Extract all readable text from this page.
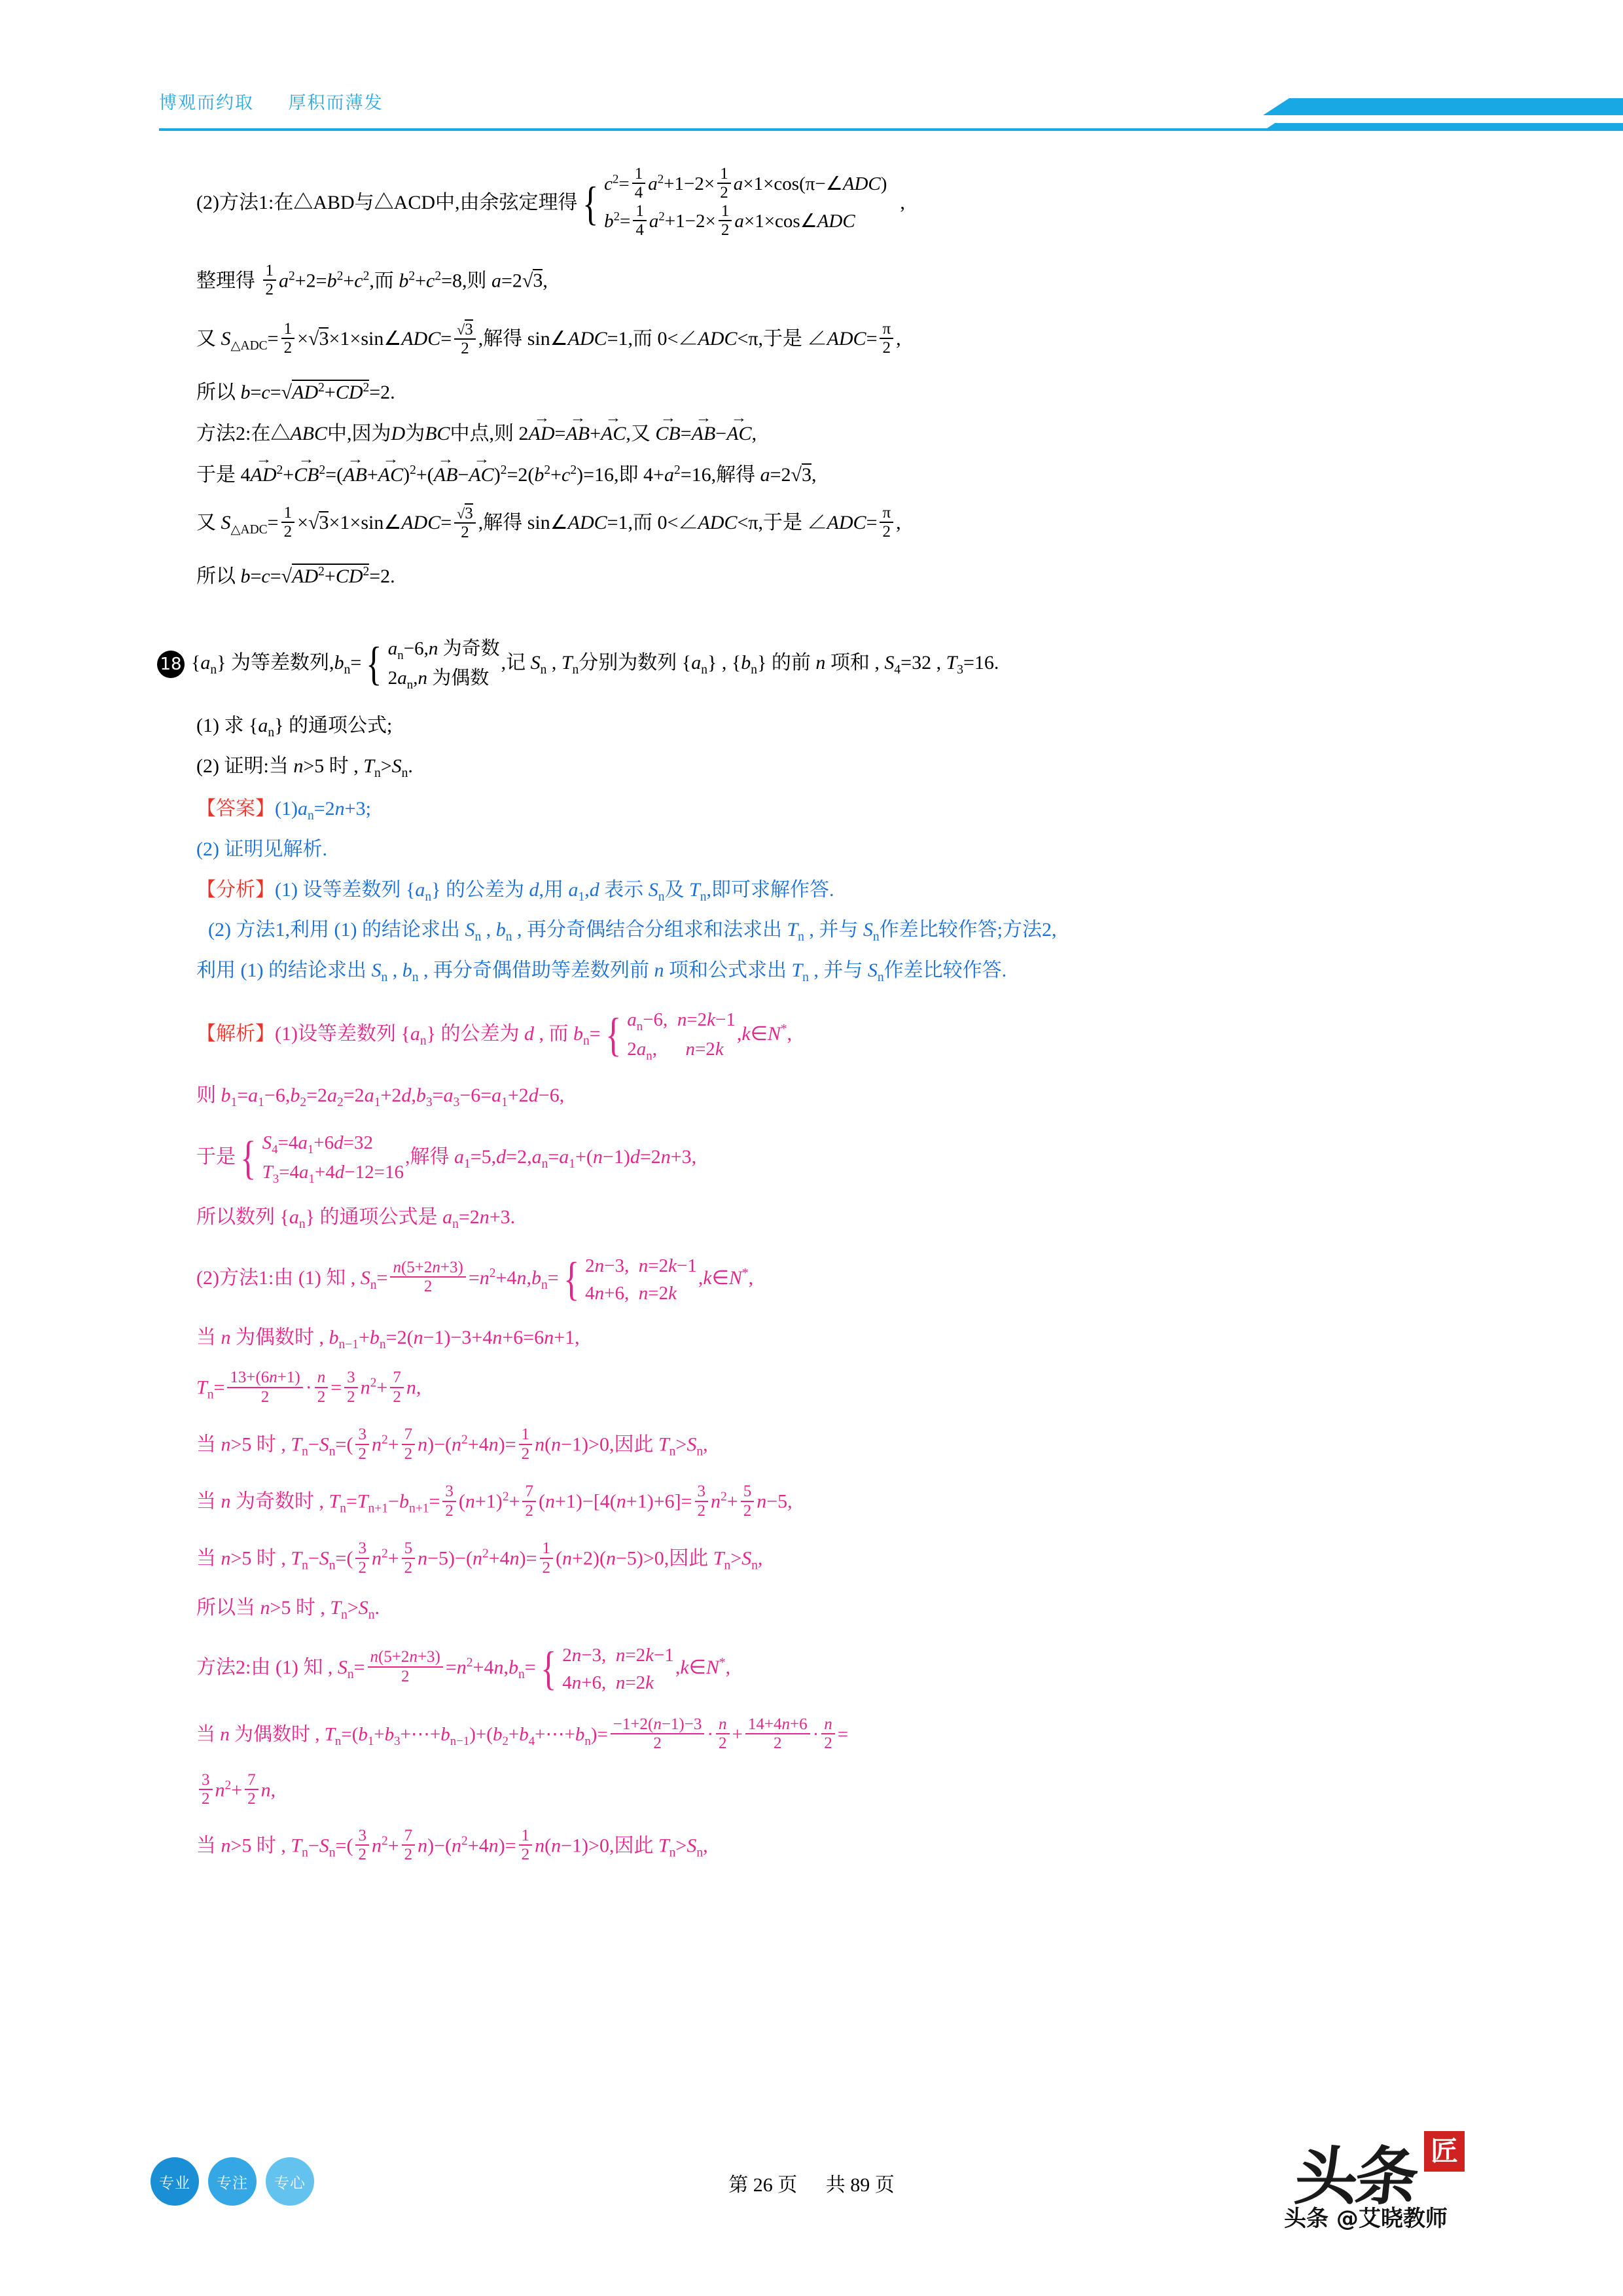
博观而约取 厚积而薄发
(2)方法1:在△ABD与△ACD中,由余弦定理得 { $c^2= \frac{1}{4} a^2+1-2\times \frac{1}{2}$ a×1×cos(π−∠ADC)
$b^2= \frac{1}{4} a^2+1-2\times \frac{1}{2}$ a×1×cos∠ADC
,
整理得 $\frac{1}{2} a^2+2=b^2+c^2$,而 $b^2+c^2=8$,则 a=2√3,
又 $S_{\triangle ADC}= \frac{1}{2}$ ×√3×1×sin∠ADC= $\frac{√3}{2}$ ,解得 sin∠ADC=1,而 0<∠ADC<π,于是 ∠ADC= $\frac{\pi}{2}$ ,
所以 $b=c=√AD^2+CD^2=2$.
方法2:在△ABC中,因为D为BC中点,则 2→ AD=→ AB+→ AC,又 → CB=→ AB−→ AC,
于是 $4\to AD^2+\to CB^2=(\to AB+\to AC)^2+(\to AB-\to AC)^2=2(b^2+c^2)=16$,即 $4+a^2=16$,解得 a=2√3,
又 $S_{\triangle ADC}= \frac{1}{2}$ ×√3×1×sin∠ADC= $\frac{√3}{2}$ ,解得 sin∠ADC=1,而 0<∠ADC<π,于是 ∠ADC= $\frac{\pi}{2}$ ,
所以 $b=c=√AD^2+CD^2=2$.
18 $\{a_n\}$ 为等差数列$,b_n=$ { $a_n-6,n$ 为奇数
$2a_n,n$ 为偶数
,记 $S_n$ , $T_n$分别为数列 $\{a_n\}$ , $\{b_n\}$ 的前 n 项和 , $S_4=32$ , $T_3=16$.
(1) 求 $\{a_n\}$ 的通项公式;
(2) 证明:当 n>5 时 , $T_n>S_n$.
【答案】$(1)a_n=2n+3$;
(2) 证明见解析.
【分析】(1) 设等差数列 $\{a_n\}$ 的公差为 d,用 $a_1,d$ 表示 $S_n$及 $T_n$,即可求解作答.
(2) 方法1,利用 (1) 的结论求出 $S_n$ , $b_n$ , 再分奇偶结合分组求和法求出 $T_n$ , 并与 $S_n$作差比较作答;方法2,
利用 (1) 的结论求出 $S_n$ , $b_n$ , 再分奇偶借助等差数列前 n 项和公式求出 $T_n$ , 并与 $S_n$作差比较作答.
【解析】(1)设等差数列 $\{a_n\}$ 的公差为 d , 而 $b_n=$ { $a_n-6$,  n=2k−1
$2a_n$,      n=2k
,k∈N*,
则 $b_1=a_1-6,b_2=2a_2=2a_1+2d,b_3=a_3-6=a_1+2d-6$,
于是 { $S_4=4a_1+6d=32$
$T_3=4a_1+4d-12=16$
,解得 $a_1=5,d=2,a_n=a_1+(n-1)d=2n+3$,
所以数列 $\{a_n\}$ 的通项公式是 $a_n=2n+3$.
(2)方法1:由 (1) 知 , $S_n= \frac{n(5+2n+3)}{2} =n^2+4n,b_n=$ { 2n−3,  n=2k−1
4n+6,  n=2k
,k∈N*,
当 n 为偶数时 , $b_{n-1}+b_n=2(n-1)-3+4n+6=6n+1$,
$T_n= \frac{13+(6n+1)}{2} \cdot \frac{n}{2} = \frac{3}{2} n^2+ \frac{7}{2} n$,
当 n>5 时 , $T_n-S_n=( \frac{3}{2} n^2+ \frac{7}{2} n)-(n^2+4n)= \frac{1}{2} n(n-1)>0$,因此 $T_n>S_n$,
当 n 为奇数时 , $T_n=T_{n+1}-b_{n+1}= \frac{3}{2} (n+1)^2+ \frac{7}{2} (n+1)-[4(n+1)+6]= \frac{3}{2} n^2+ \frac{5}{2} n-5$,
当 n>5 时 , $T_n-S_n=( \frac{3}{2} n^2+ \frac{5}{2} n-5)-(n^2+4n)= \frac{1}{2} (n+2)(n-5)>0$,因此 $T_n>S_n$,
所以当 n>5 时 , $T_n>S_n$.
方法2:由 (1) 知 , $S_n= \frac{n(5+2n+3)}{2} =n^2+4n,b_n=$ { 2n−3,  n=2k−1
4n+6,  n=2k
,k∈N*,
当 n 为偶数时 , $T_n=(b_1+b_3+\cdots+b_{n-1})+(b_2+b_4+\cdots+b_n)= \frac{-1+2(n-1)-3}{2} \cdot \frac{n}{2} + \frac{14+4n+6}{2} \cdot \frac{n}{2}$ =
$\frac{3}{2} n^2+ \frac{7}{2} n$,
当 n>5 时 , $T_n-S_n=( \frac{3}{2} n^2+ \frac{7}{2} n)-(n^2+4n)= \frac{1}{2} n(n-1)>0$,因此 $T_n>S_n$,
专业	专注	专心	第 26 页 共 89 页	头条 匠
头条 @艾晓教师
